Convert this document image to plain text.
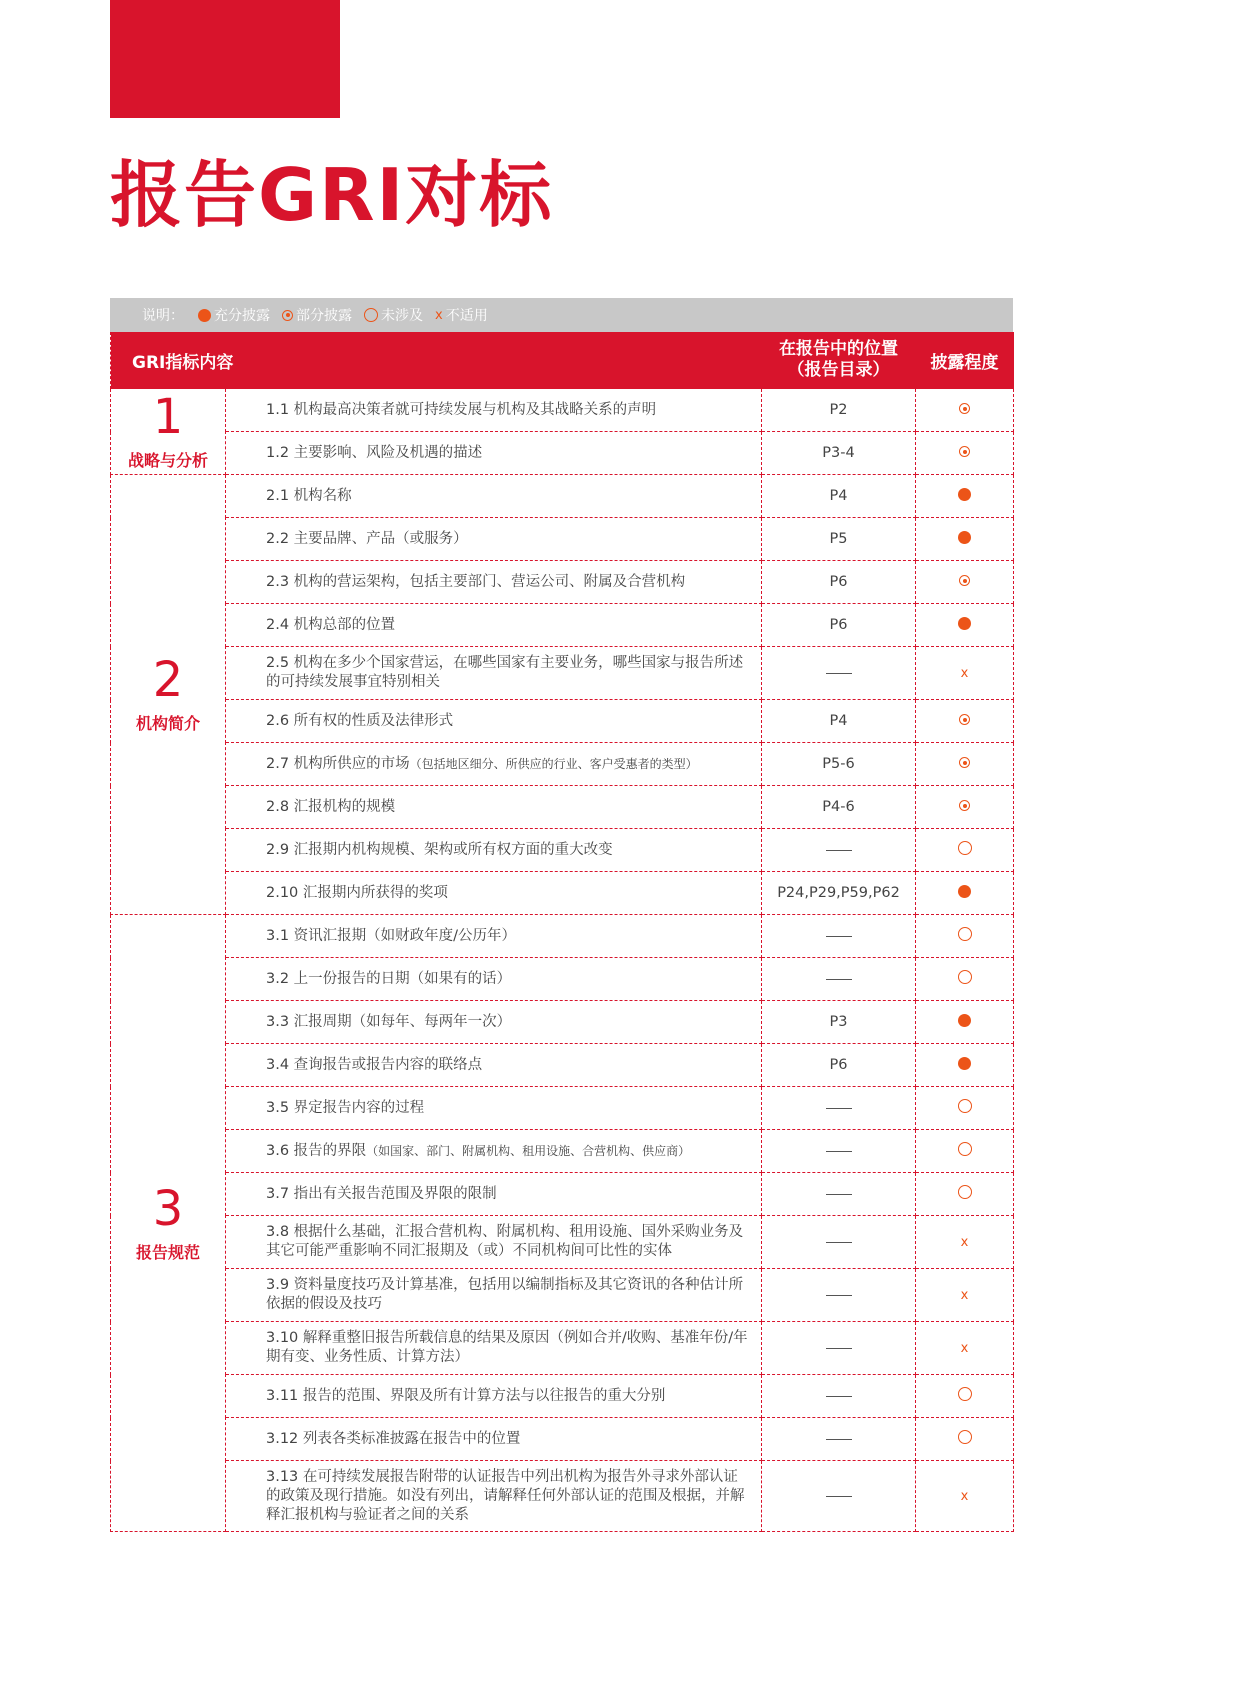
报告GRI对标
说明： 充分披露 部分披露 未涉及 x 不适用
GRI指标内容		在报告中的位置
（报告目录）	披露程度

1
战略与分析	1.1 机构最高决策者就可持续发展与机构及其战略关系的声明	P2	
	1.2 主要影响、风险及机遇的描述	P3-4	

2
机构简介	2.1 机构名称	P4	
	2.2 主要品牌、产品（或服务）	P5	
	2.3 机构的营运架构，包括主要部门、营运公司、附属及合营机构	P6	
	2.4 机构总部的位置	P6	
	2.5 机构在多少个国家营运，在哪些国家有主要业务，哪些国家与报告所述的可持续发展事宜特别相关		x
	2.6 所有权的性质及法律形式	P4	
	2.7 机构所供应的市场（包括地区细分、所供应的行业、客户受惠者的类型）	P5-6	
	2.8 汇报机构的规模	P4-6	
	2.9 汇报期内机构规模、架构或所有权方面的重大改变		
	2.10 汇报期内所获得的奖项	P24,P29,P59,P62	

3
报告规范	3.1 资讯汇报期（如财政年度/公历年）		
	3.2 上一份报告的日期（如果有的话）		
	3.3 汇报周期（如每年、每两年一次）	P3	
	3.4 查询报告或报告内容的联络点	P6	
	3.5 界定报告内容的过程		
	3.6 报告的界限（如国家、部门、附属机构、租用设施、合营机构、供应商）		
	3.7 指出有关报告范围及界限的限制		
	3.8 根据什么基础，汇报合营机构、附属机构、租用设施、国外采购业务及其它可能严重影响不同汇报期及（或）不同机构间可比性的实体		x
	3.9 资料量度技巧及计算基准，包括用以编制指标及其它资讯的各种估计所依据的假设及技巧		x
	3.10 解释重整旧报告所载信息的结果及原因（例如合并/收购、基准年份/年期有变、业务性质、计算方法）		x
	3.11 报告的范围、界限及所有计算方法与以往报告的重大分别		
	3.12 列表各类标准披露在报告中的位置		
	3.13 在可持续发展报告附带的认证报告中列出机构为报告外寻求外部认证的政策及现行措施。如没有列出，请解释任何外部认证的范围及根据，并解释汇报机构与验证者之间的关系		x
